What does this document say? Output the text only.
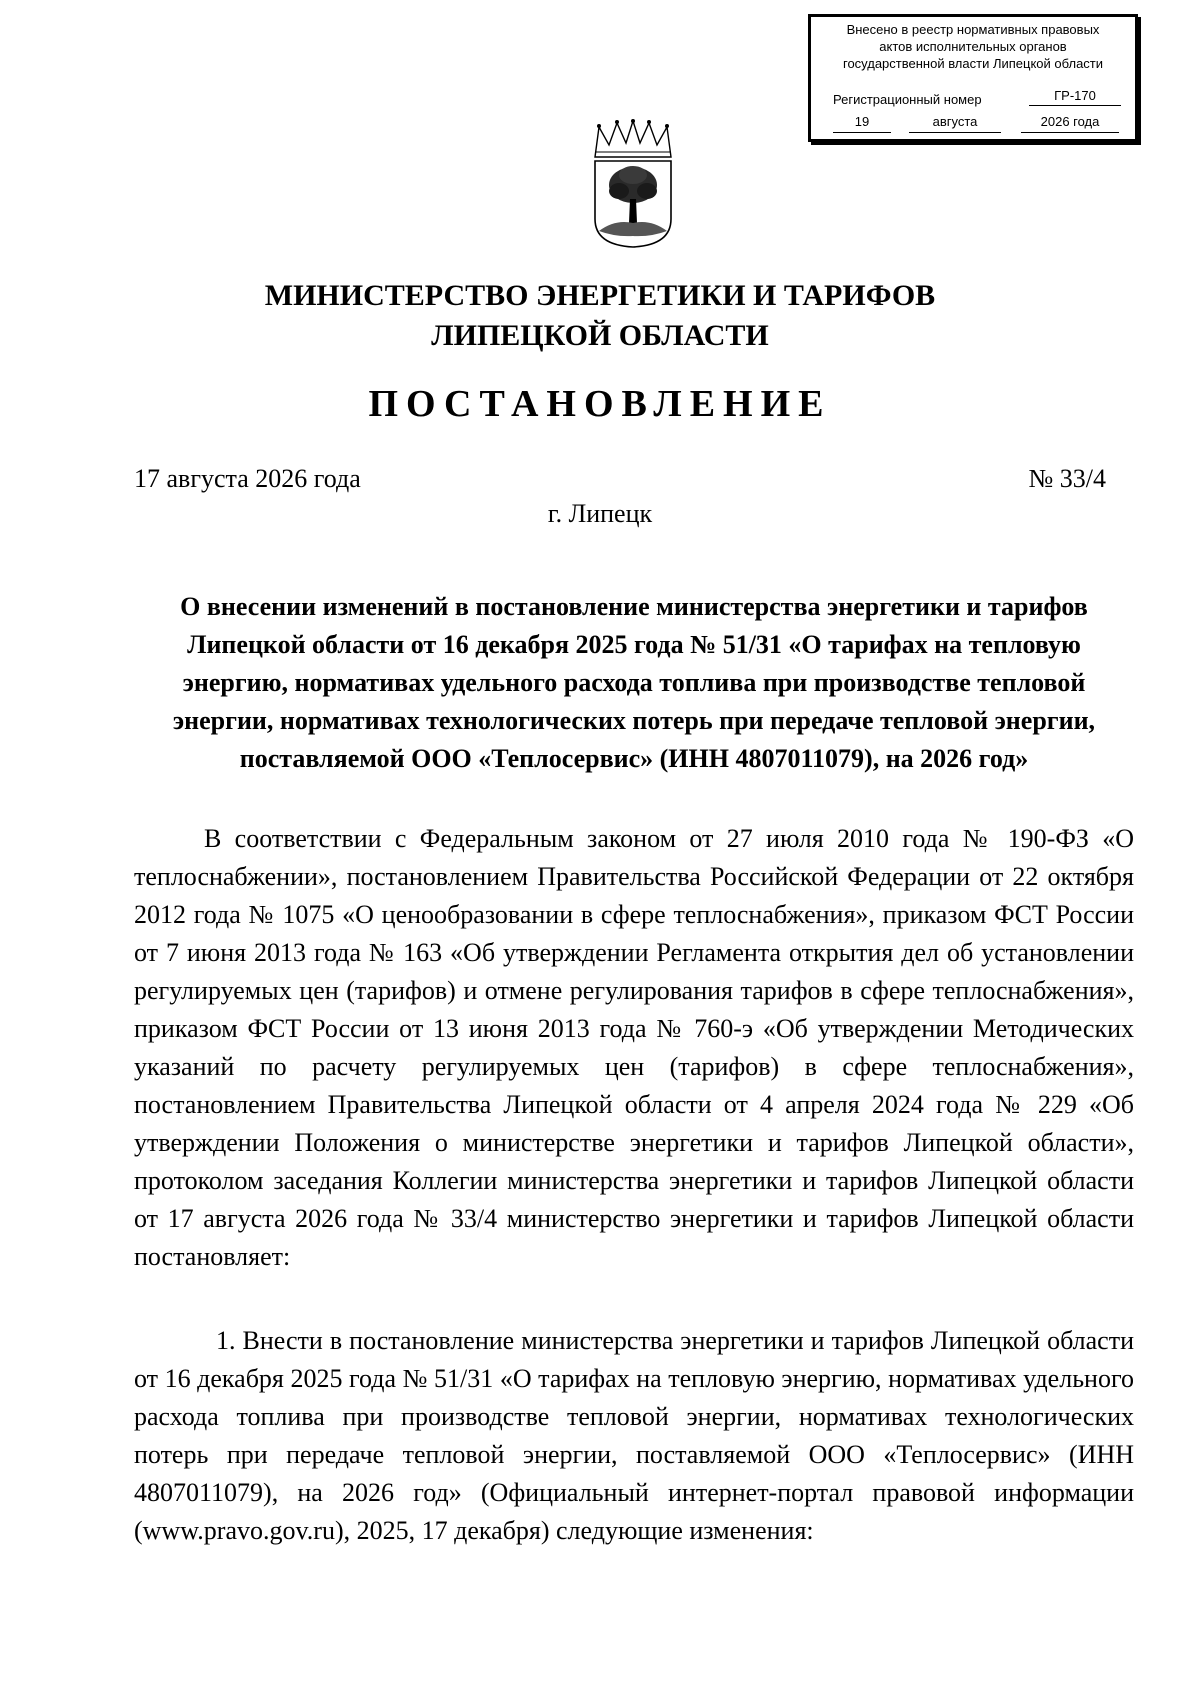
Внесено в реестр нормативных правовых
актов исполнительных органов
государственной власти Липецкой области
Регистрационный номер	ГР-170
19	августа	2026 года
МИНИСТЕРСТВО ЭНЕРГЕТИКИ И ТАРИФОВ
ЛИПЕЦКОЙ ОБЛАСТИ
ПОСТАНОВЛЕНИЕ
17 августа 2026 года	№ 33/4
г. Липецк
О внесении изменений в постановление министерства энергетики и тарифов Липецкой области от 16 декабря 2025 года № 51/31 «О тарифах на тепловую энергию, нормативах удельного расхода топлива при производстве тепловой энергии, нормативах технологических потерь при передаче тепловой энергии, поставляемой ООО «Теплосервис» (ИНН 4807011079), на 2026 год»

В соответствии с Федеральным законом от 27 июля 2010 года № 190-ФЗ «О теплоснабжении», постановлением Правительства Российской Федерации от 22 октября 2012 года № 1075 «О ценообразовании в сфере теплоснабжения», приказом ФСТ России от 7 июня 2013 года № 163 «Об утверждении Регламента открытия дел об установлении регулируемых цен (тарифов) и отмене регулирования тарифов в сфере теплоснабжения», приказом ФСТ России от 13 июня 2013 года № 760-э «Об утверждении Методических указаний по расчету регулируемых цен (тарифов) в сфере теплоснабжения», постановлением Правительства Липецкой области от 4 апреля 2024 года № 229 «Об утверждении Положения о министерстве энергетики и тарифов Липецкой области», протоколом заседания Коллегии министерства энергетики и тарифов Липецкой области от 17 августа 2026 года № 33/4 министерство энергетики и тарифов Липецкой области постановляет:

1. Внести в постановление министерства энергетики и тарифов Липецкой области от 16 декабря 2025 года № 51/31 «О тарифах на тепловую энергию, нормативах удельного расхода топлива при производстве тепловой энергии, нормативах технологических потерь при передаче тепловой энергии, поставляемой ООО «Теплосервис» (ИНН 4807011079), на 2026 год» (Официальный интернет-портал правовой информации (www.pravo.gov.ru), 2025, 17 декабря) следующие изменения:
